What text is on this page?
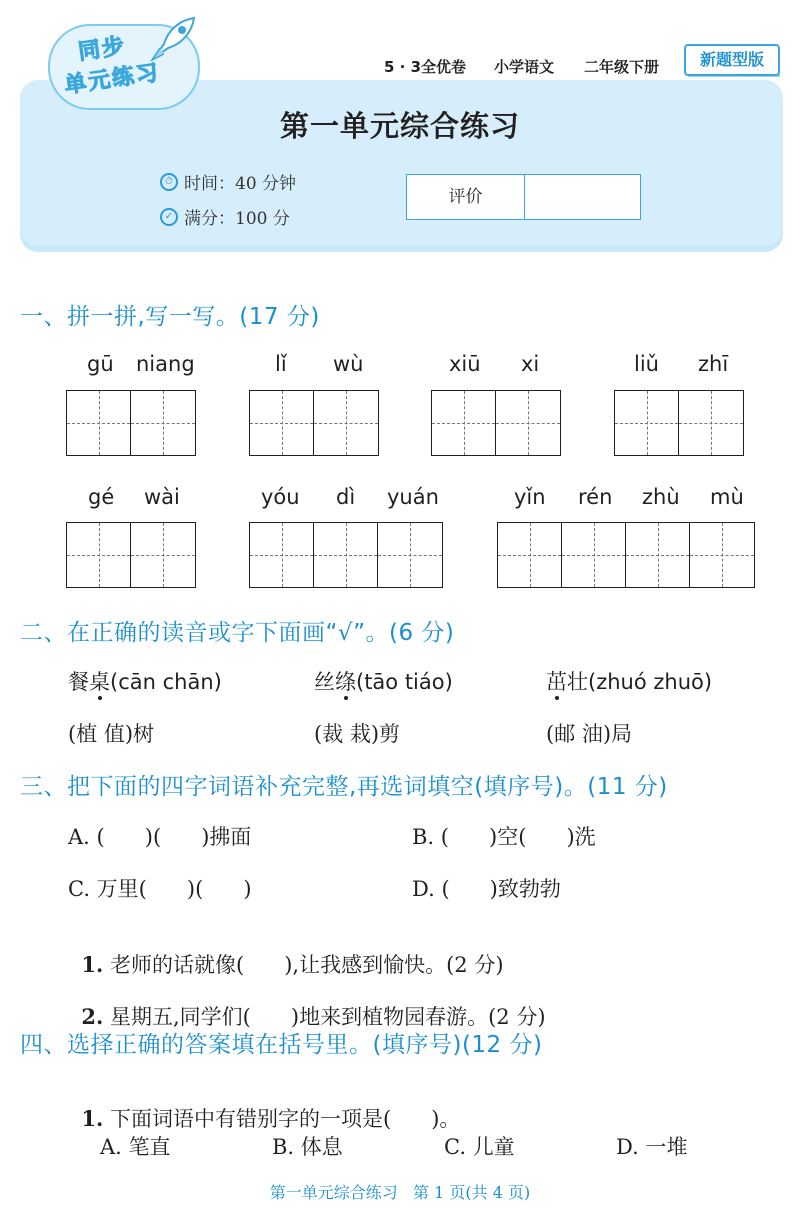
同步
单元练习	5 · 3全优卷 小学语文 二年级下册	新题型版
第一单元综合练习
⏱ 时间：40 分钟
✓ 满分：100 分
评价
一、拼一拼,写一写。(17 分)
gū niang	lǐ wù	xiū xi	liǔ zhī
gé wài	yóu dì yuán	yǐn rén zhù mù
二、在正确的读音或字下面画“√”。(6 分)
餐桌(cān chān)	丝绦(tāo tiáo)	茁壮(zhuó zhuō)
(植 值)树	(裁 栽)剪	(邮 油)局
三、把下面的四字词语补充完整,再选词填空(填序号)。(11 分)
A. (      )(      )拂面	B. (      )空(      )洗
C. 万里(      )(      )	D. (      )致勃勃

1. 老师的话就像(      ),让我感到愉快。(2 分)

2. 星期五,同学们(      )地来到植物园春游。(2 分)

四、选择正确的答案填在括号里。(填序号)(12 分)

1. 下面词语中有错别字的一项是(      )。

A. 笔直	B. 体息	C. 儿童	D. 一堆
第一单元综合练习   第 1 页(共 4 页)
